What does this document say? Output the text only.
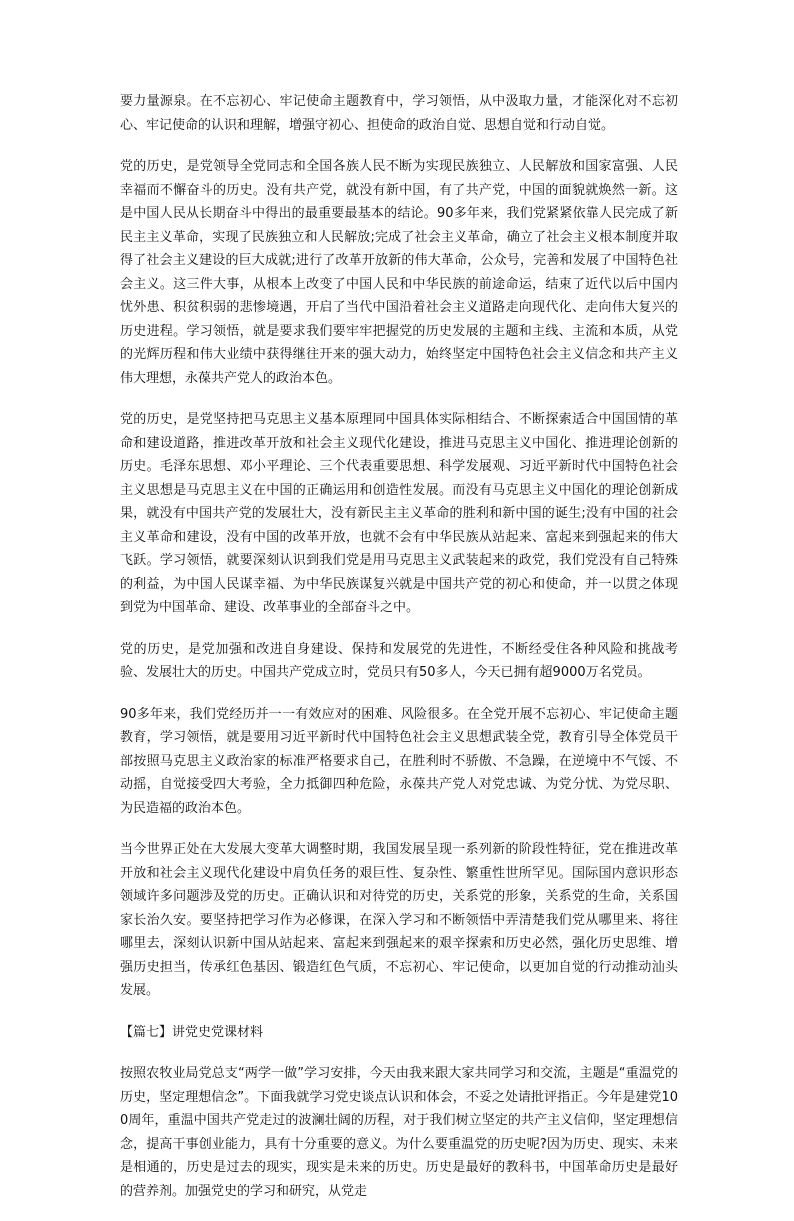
要力量源泉。在不忘初心、牢记使命主题教育中，学习领悟，从中汲取力量，才能深化对不忘初心、牢记使命的认识和理解，增强守初心、担使命的政治自觉、思想自觉和行动自觉。

党的历史，是党领导全党同志和全国各族人民不断为实现民族独立、人民解放和国家富强、人民幸福而不懈奋斗的历史。没有共产党，就没有新中国，有了共产党，中国的面貌就焕然一新。这是中国人民从长期奋斗中得出的最重要最基本的结论。90多年来，我们党紧紧依靠人民完成了新民主主义革命，实现了民族独立和人民解放;完成了社会主义革命，确立了社会主义根本制度并取得了社会主义建设的巨大成就;进行了改革开放新的伟大革命，公众号，完善和发展了中国特色社会主义。这三件大事，从根本上改变了中国人民和中华民族的前途命运，结束了近代以后中国内忧外患、积贫积弱的悲惨境遇，开启了当代中国沿着社会主义道路走向现代化、走向伟大复兴的历史进程。学习领悟，就是要求我们要牢牢把握党的历史发展的主题和主线、主流和本质，从党的光辉历程和伟大业绩中获得继往开来的强大动力，始终坚定中国特色社会主义信念和共产主义伟大理想，永葆共产党人的政治本色。

党的历史，是党坚持把马克思主义基本原理同中国具体实际相结合、不断探索适合中国国情的革命和建设道路，推进改革开放和社会主义现代化建设，推进马克思主义中国化、推进理论创新的历史。毛泽东思想、邓小平理论、三个代表重要思想、科学发展观、习近平新时代中国特色社会主义思想是马克思主义在中国的正确运用和创造性发展。而没有马克思主义中国化的理论创新成果，就没有中国共产党的发展壮大，没有新民主主义革命的胜利和新中国的诞生;没有中国的社会主义革命和建设，没有中国的改革开放，也就不会有中华民族从站起来、富起来到强起来的伟大飞跃。学习领悟，就要深刻认识到我们党是用马克思主义武装起来的政党，我们党没有自己特殊的利益，为中国人民谋幸福、为中华民族谋复兴就是中国共产党的初心和使命，并一以贯之体现到党为中国革命、建设、改革事业的全部奋斗之中。

党的历史，是党加强和改进自身建设、保持和发展党的先进性，不断经受住各种风险和挑战考验、发展壮大的历史。中国共产党成立时，党员只有50多人，今天已拥有超9000万名党员。

90多年来，我们党经历并一一有效应对的困难、风险很多。在全党开展不忘初心、牢记使命主题教育，学习领悟，就是要用习近平新时代中国特色社会主义思想武装全党，教育引导全体党员干部按照马克思主义政治家的标准严格要求自己，在胜利时不骄傲、不急躁，在逆境中不气馁、不动摇，自觉接受四大考验，全力抵御四种危险，永葆共产党人对党忠诚、为党分忧、为党尽职、为民造福的政治本色。

当今世界正处在大发展大变革大调整时期，我国发展呈现一系列新的阶段性特征，党在推进改革开放和社会主义现代化建设中肩负任务的艰巨性、复杂性、繁重性世所罕见。国际国内意识形态领域许多问题涉及党的历史。正确认识和对待党的历史，关系党的形象，关系党的生命，关系国家长治久安。要坚持把学习作为必修课，在深入学习和不断领悟中弄清楚我们党从哪里来、将往哪里去，深刻认识新中国从站起来、富起来到强起来的艰辛探索和历史必然，强化历史思维、增强历史担当，传承红色基因、锻造红色气质，不忘初心、牢记使命，以更加自觉的行动推动汕头发展。

【篇七】讲党史党课材料

按照农牧业局党总支“两学一做”学习安排，今天由我来跟大家共同学习和交流，主题是“重温党的历史，坚定理想信念”。下面我就学习党史谈点认识和体会，不妥之处请批评指正。今年是建党100周年，重温中国共产党走过的波澜壮阔的历程，对于我们树立坚定的共产主义信仰，坚定理想信念，提高干事创业能力，具有十分重要的意义。为什么要重温党的历史呢?因为历史、现实、未来是相通的，历史是过去的现实，现实是未来的历史。历史是最好的教科书，中国革命历史是最好的营养剂。加强党史的学习和研究，从党走
